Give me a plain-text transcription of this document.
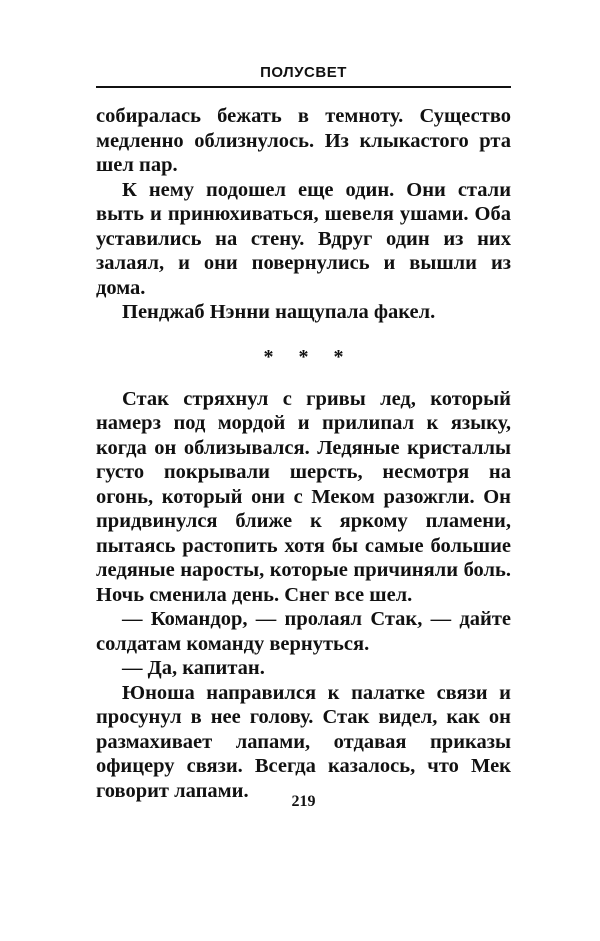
ПОЛУСВЕТ

собиралась бежать в темноту. Существо медленно облизнулось. Из клыкастого рта шел пар.

К нему подошел еще один. Они стали выть и принюхиваться, шевеля ушами. Оба уставились на стену. Вдруг один из них залаял, и они повернулись и вышли из дома.

Пенджаб Нэнни нащупала факел.

* * *

Стак стряхнул с гривы лед, который намерз под мордой и прилипал к языку, когда он облизывался. Ледяные кристаллы густо покрывали шерсть, несмотря на огонь, который они с Меком разожгли. Он придвинулся ближе к яркому пламени, пытаясь растопить хотя бы самые большие ледяные наросты, которые причиняли боль. Ночь сменила день. Снег все шел.

— Командор, — пролаял Стак, — дайте солдатам команду вернуться.

— Да, капитан.

Юноша направился к палатке связи и просунул в нее голову. Стак видел, как он размахивает лапами, отдавая приказы офицеру связи. Всегда казалось, что Мек говорит лапами.	219
